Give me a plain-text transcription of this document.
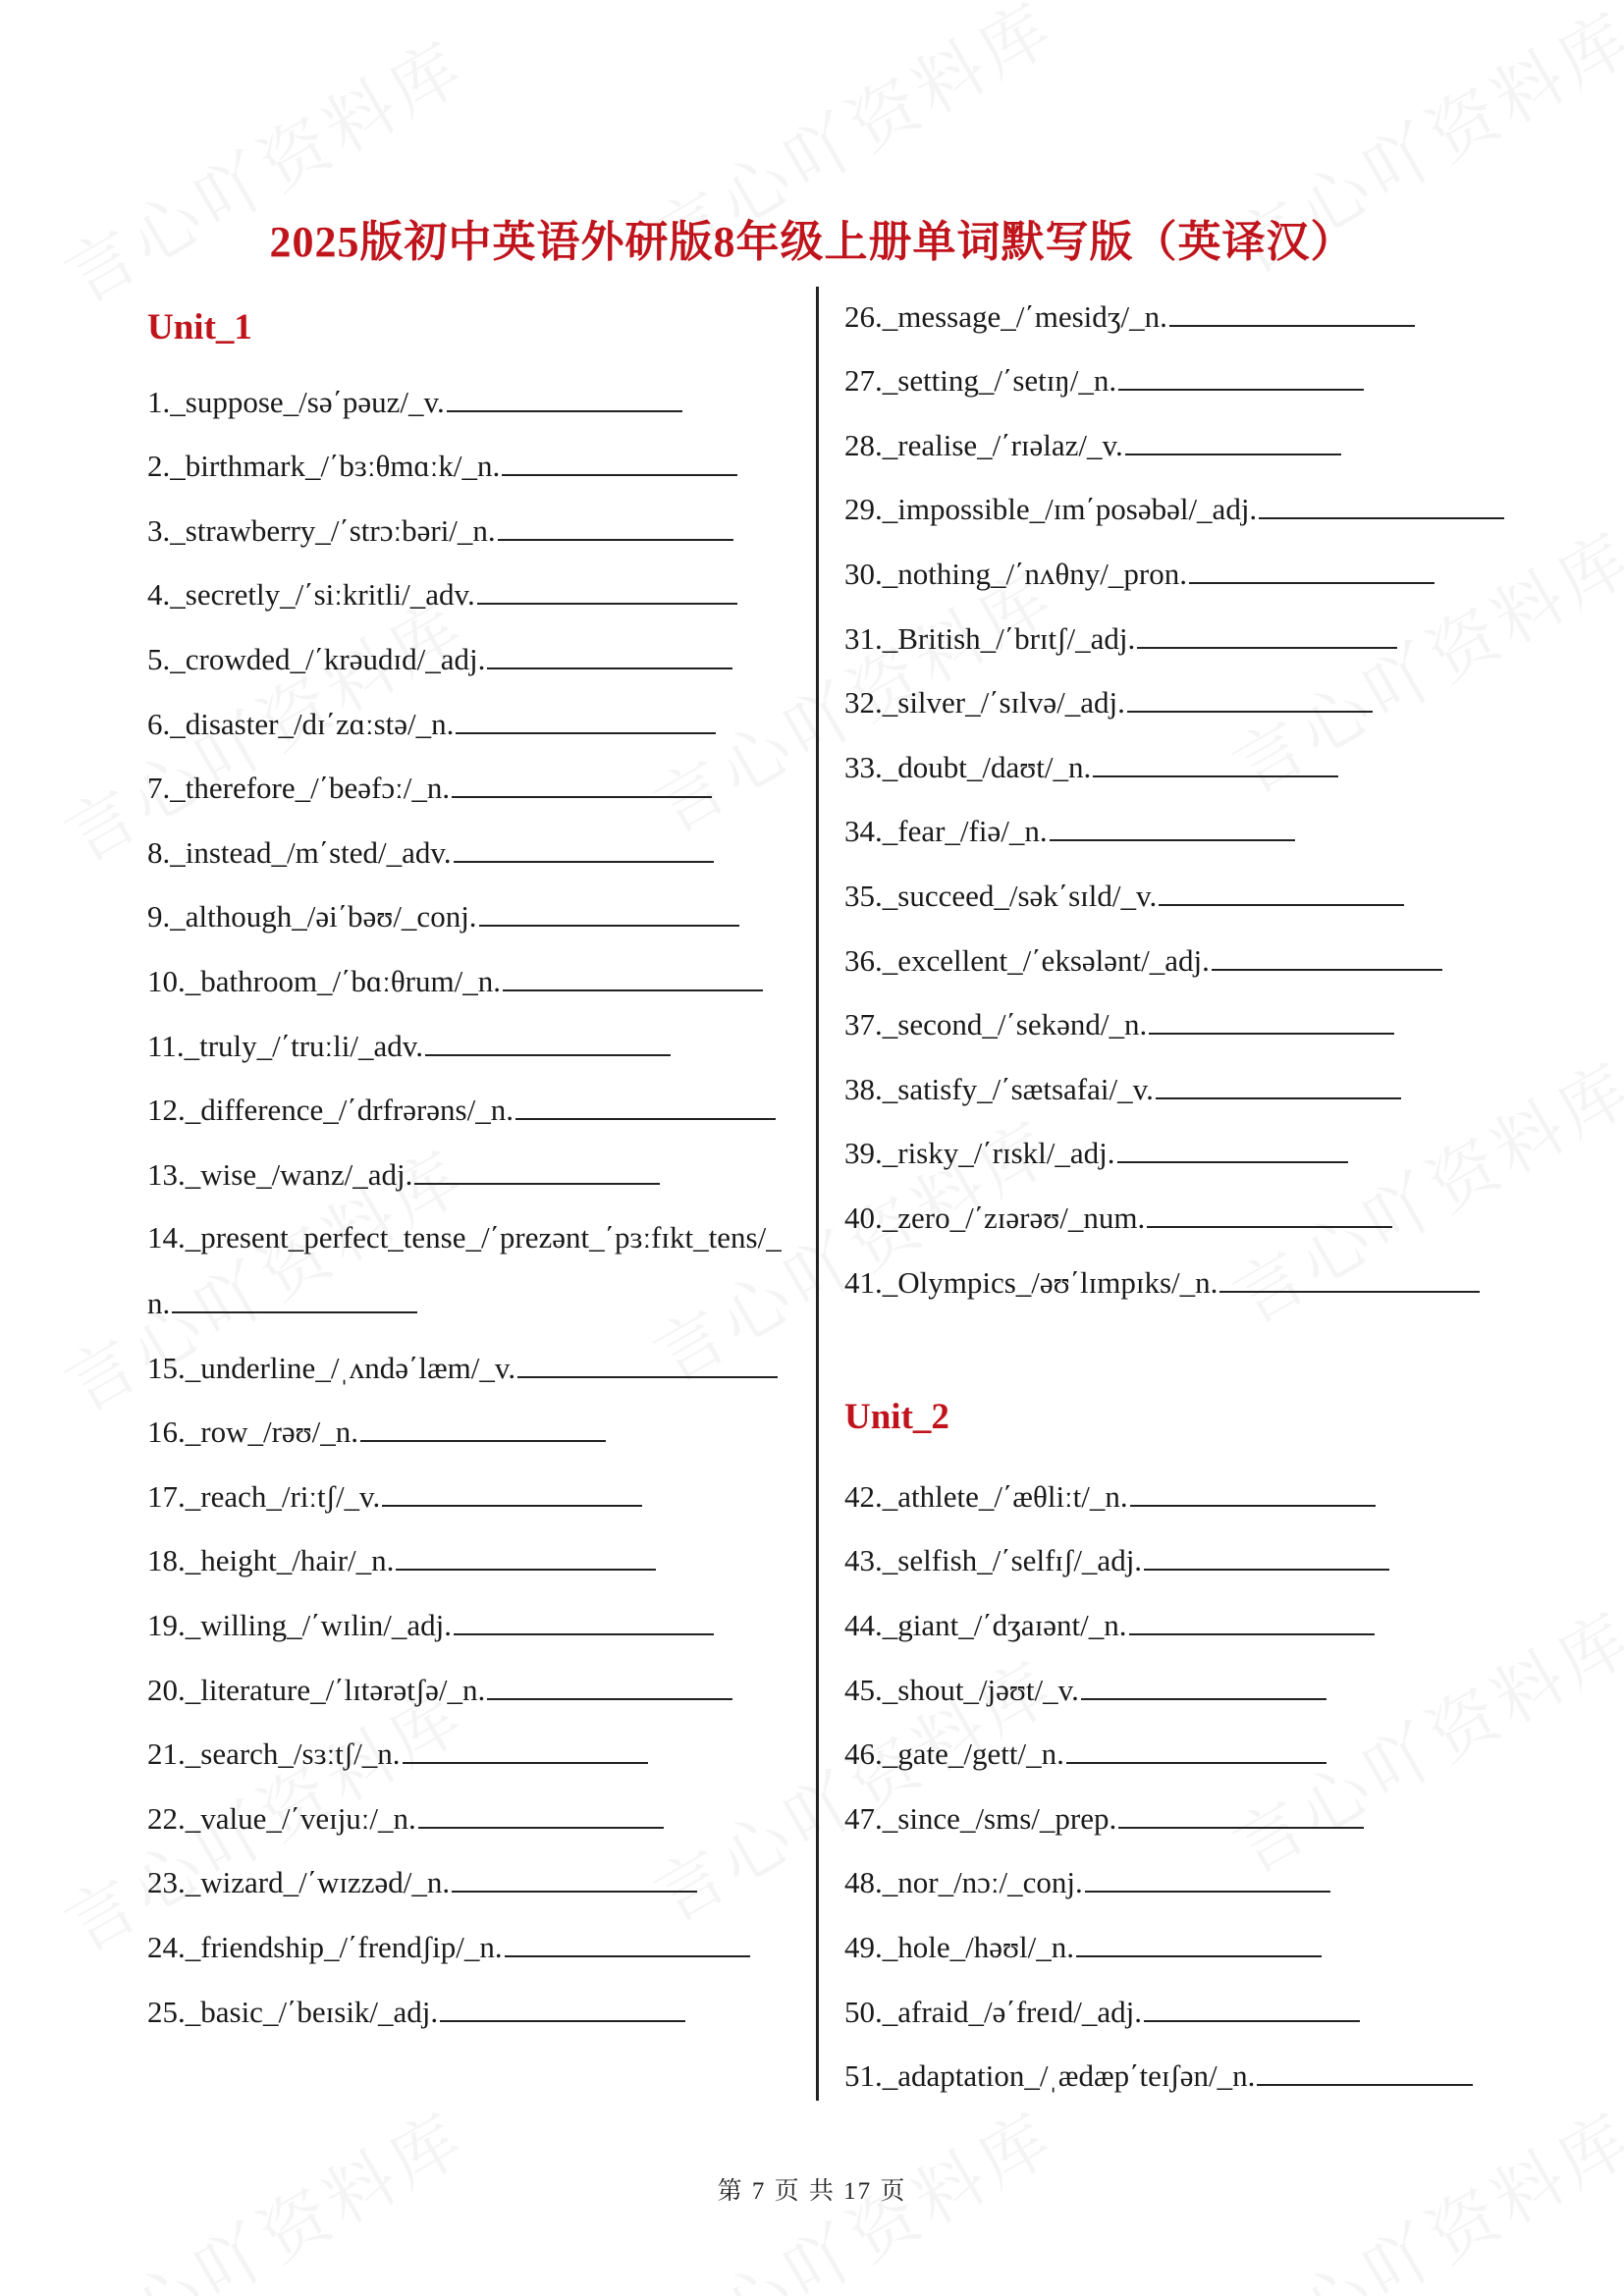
2025版初中英语外研版8年级上册单词默写版（英译汉）
Unit_1
1._suppose_/sə΄pəuz/_v.
2._birthmark_/΄bɜːθmɑːk/_n.
3._strawberry_/΄strɔːbəri/_n.
4._secretly_/΄siːkritli/_adv.
5._crowded_/΄krəudɪd/_adj.
6._disaster_/dɪ΄zɑːstə/_n.
7._therefore_/΄beəfɔː/_n.
8._instead_/m΄sted/_adv.
9._although_/əi΄bəʊ/_conj.
10._bathroom_/΄bɑːθrum/_n.
11._truly_/΄truːli/_adv.
12._difference_/΄drfrərəns/_n.
13._wise_/wanz/_adj.
14._present_perfect_tense_/΄prezənt_΄pɜːfɪkt_tens/_
n.
15._underline_/ˌʌndə΄læm/_v.
16._row_/rəʊ/_n.
17._reach_/riːtʃ/_v.
18._height_/hair/_n.
19._willing_/΄wɪlin/_adj.
20._literature_/΄lɪtərətʃə/_n.
21._search_/sɜːtʃ/_n.
22._value_/΄veɪjuː/_n.
23._wizard_/΄wɪzzəd/_n.
24._friendship_/΄frendʃip/_n.
25._basic_/΄beɪsik/_adj.
26._message_/΄mesidʒ/_n.
27._setting_/΄setɪŋ/_n.
28._realise_/΄rɪəlaz/_v.
29._impossible_/ɪm΄posəbəl/_adj.
30._nothing_/΄nʌθny/_pron.
31._British_/΄brɪtʃ/_adj.
32._silver_/΄sɪlvə/_adj.
33._doubt_/daʊt/_n.
34._fear_/fiə/_n.
35._succeed_/sək΄sɪld/_v.
36._excellent_/΄eksələnt/_adj.
37._second_/΄sekənd/_n.
38._satisfy_/΄sætsafai/_v.
39._risky_/΄rɪskl/_adj.
40._zero_/΄zɪərəʊ/_num.
41._Olympics_/əʊ΄lɪmpɪks/_n.
Unit_2
42._athlete_/΄æθliːt/_n.
43._selfish_/΄selfɪʃ/_adj.
44._giant_/΄dʒaɪənt/_n.
45._shout_/jəʊt/_v.
46._gate_/gett/_n.
47._since_/sms/_prep.
48._nor_/nɔː/_conj.
49._hole_/həʊl/_n.
50._afraid_/ə΄freɪd/_adj.
51._adaptation_/ˌædæp΄teɪʃən/_n.
第 7 页 共 17 页
